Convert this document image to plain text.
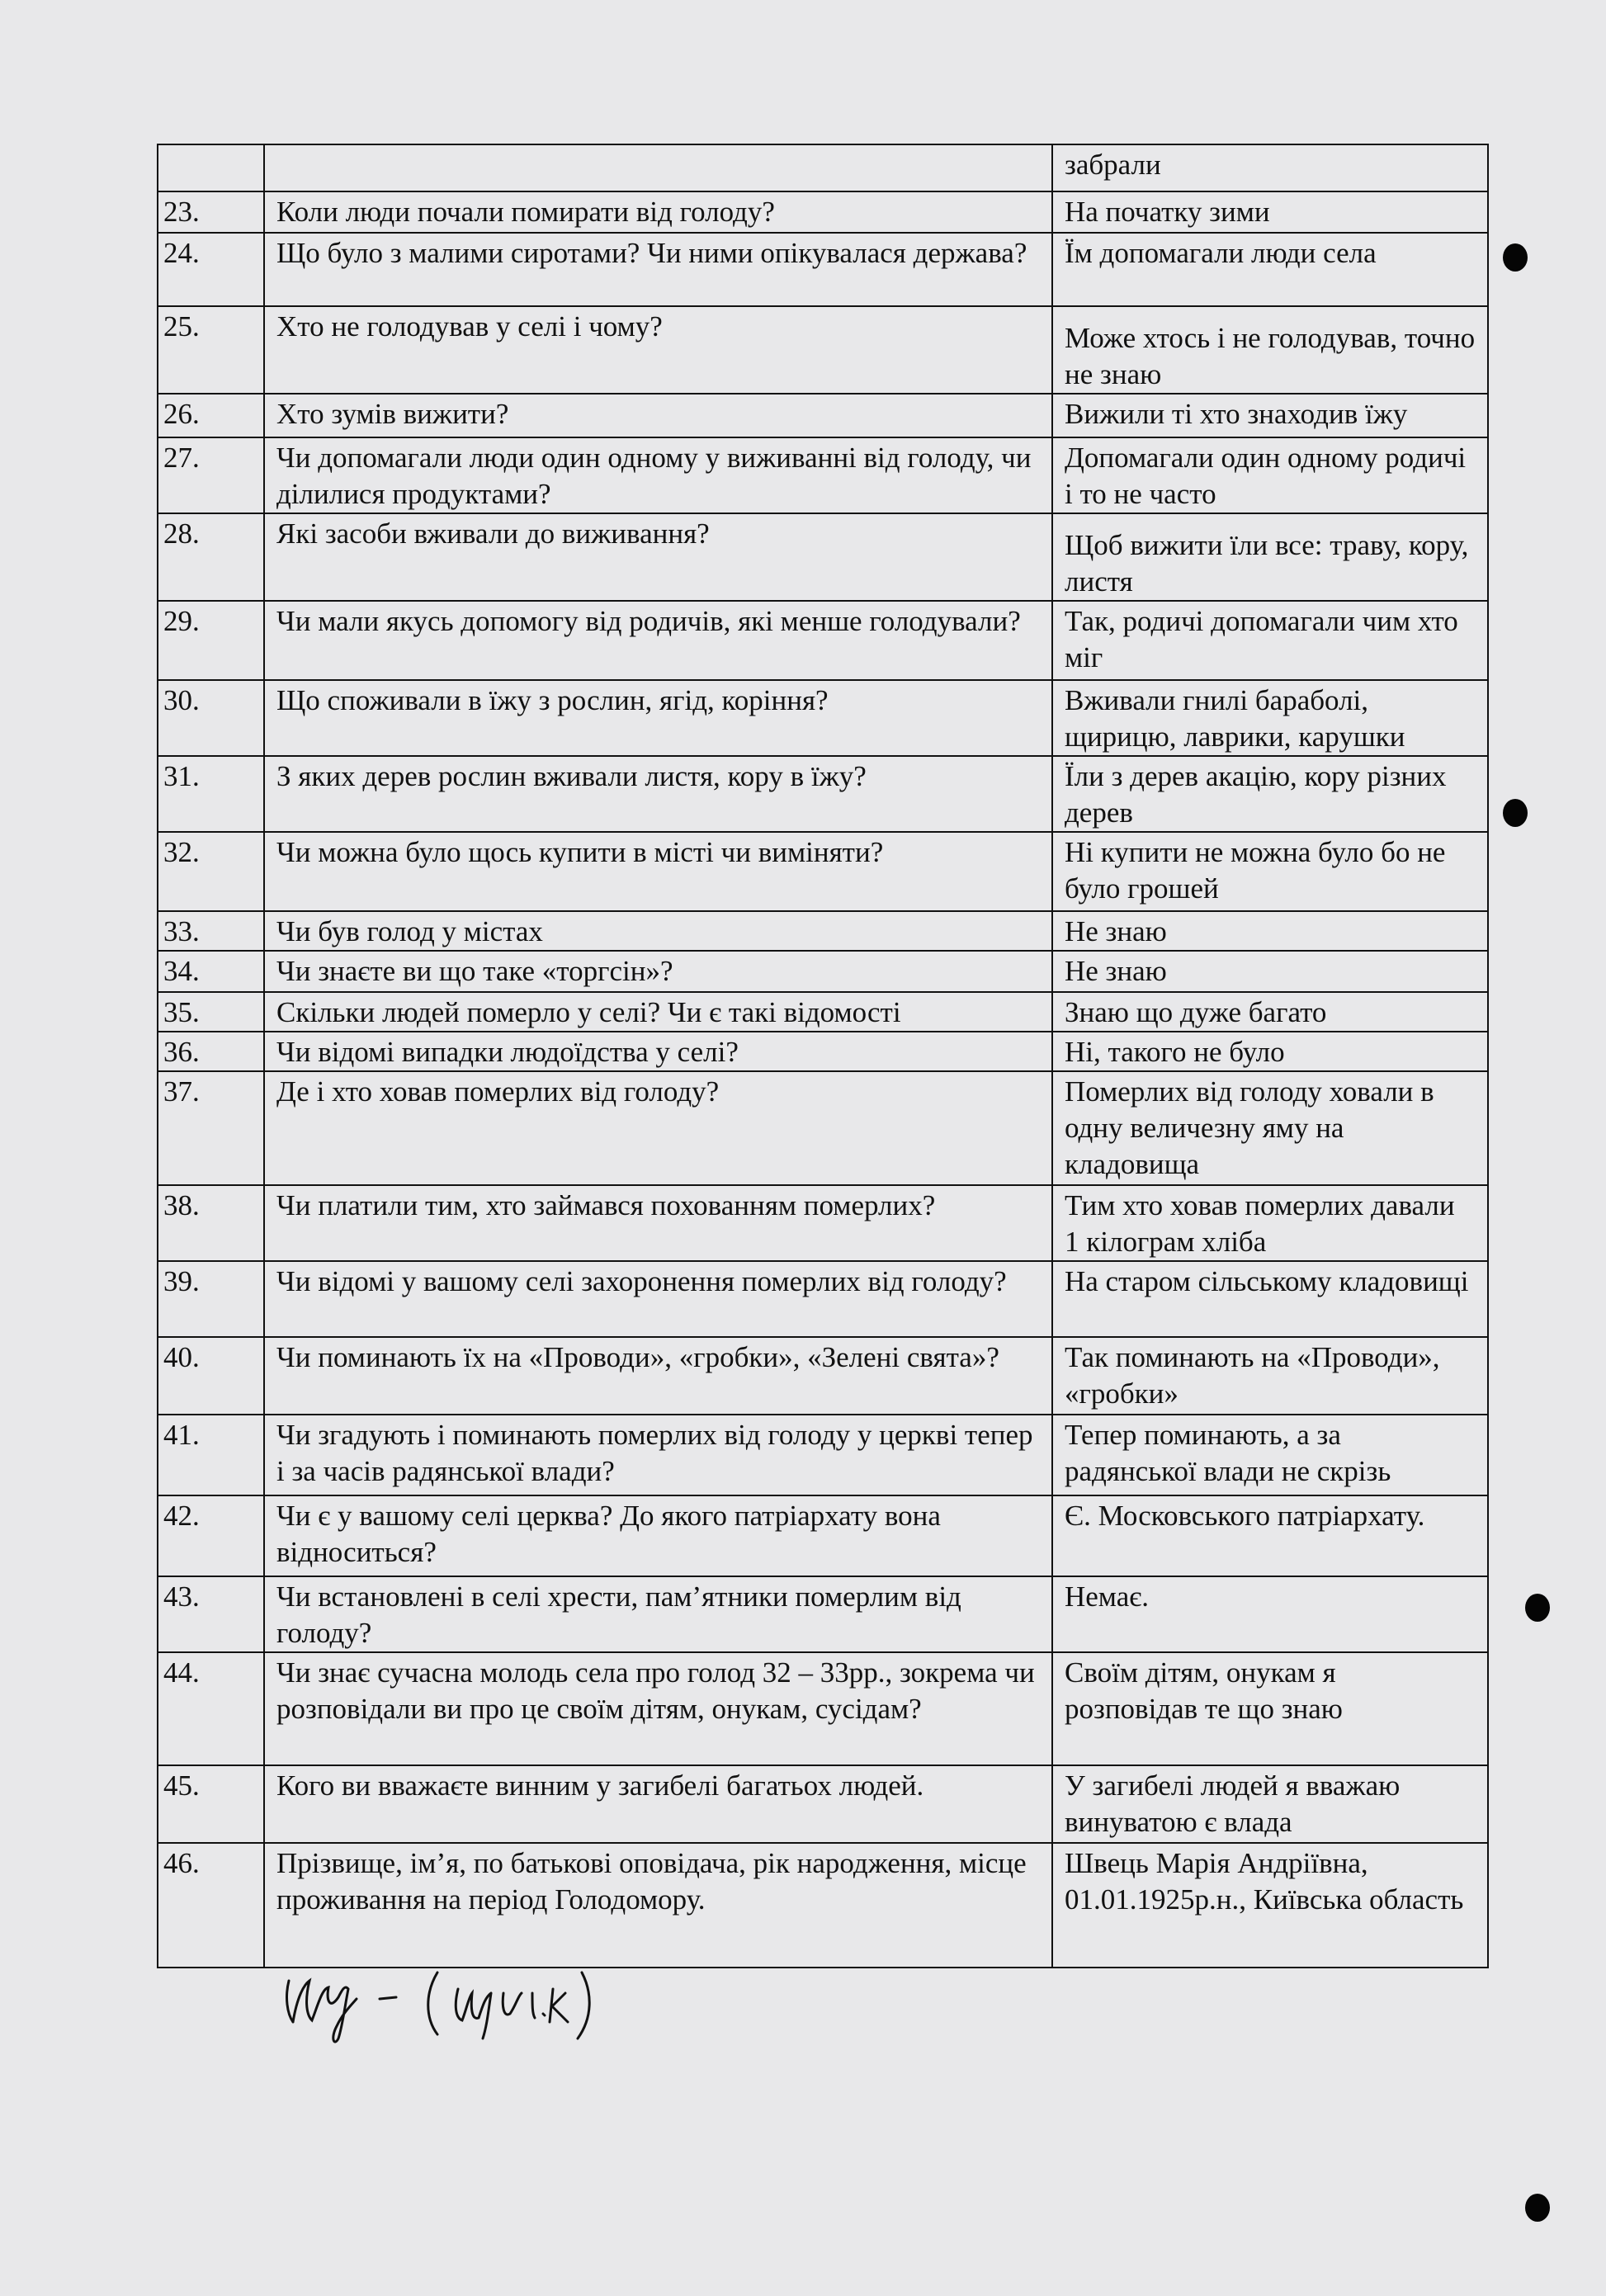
		забрали
23.	Коли люди почали помирати від голоду?	На початку зими
24.	Що було з малими сиротами? Чи ними опікувалася держава?	Їм допомагали люди села
25.	Хто не голодував у селі і чому?	Може хтось і не голодував, точно не знаю
26.	Хто зумів вижити?	Вижили ті хто знаходив їжу
27.	Чи допомагали люди один одному у виживанні від голоду, чи ділилися продуктами?	Допомагали один одному родичі і то не часто
28.	Які засоби вживали до виживання?	Щоб вижити їли все: траву, кору, листя
29.	Чи мали якусь допомогу від родичів, які менше голодували?	Так, родичі допомагали чим хто міг
30.	Що споживали в їжу з рослин, ягід, коріння?	Вживали гнилі бараболі, щирицю, лаврики, карушки
31.	З яких дерев рослин вживали листя, кору в їжу?	Їли з дерев акацію, кору різних дерев
32.	Чи можна було щось купити в місті чи виміняти?	Ні купити не можна було бо не було грошей
33.	Чи був голод у містах	Не знаю
34.	Чи знаєте ви що таке «торгсін»?	Не знаю
35.	Скільки людей померло у селі? Чи є такі відомості	Знаю що дуже багато
36.	Чи відомі випадки людоїдства у селі?	Ні, такого не було
37.	Де і хто ховав померлих від голоду?	Померлих від голоду ховали в одну величезну яму на кладовища
38.	Чи платили тим, хто займався похованням померлих?	Тим хто ховав померлих давали 1 кілограм хліба
39.	Чи відомі у вашому селі захоронення померлих від голоду?	На старом сільському кладовищі
40.	Чи поминають їх на «Проводи», «гробки», «Зелені свята»?	Так поминають на «Проводи», «гробки»
41.	Чи згадують і поминають померлих від голоду у церкві тепер і за часів радянської влади?	Тепер поминають, а за радянської влади не скрізь
42.	Чи є у вашому селі церква? До якого патріархату вона відноситься?	Є. Московського патріархату.
43.	Чи встановлені в селі хрести, пам’ятники померлим від голоду?	Немає.
44.	Чи знає сучасна молодь села про голод 32 – 33рр., зокрема чи розповідали ви про це своїм дітям, онукам, сусідам?	Своїм дітям, онукам я розповідав те що знаю
45.	Кого ви вважаєте винним у загибелі багатьох людей.	У загибелі людей я вважаю винуватою є влада
46.	Прізвище, ім’я, по батькові оповідача, рік народження, місце проживання на період Голодомору.	Швець Марія Андріївна, 01.01.1925р.н., Київська область
